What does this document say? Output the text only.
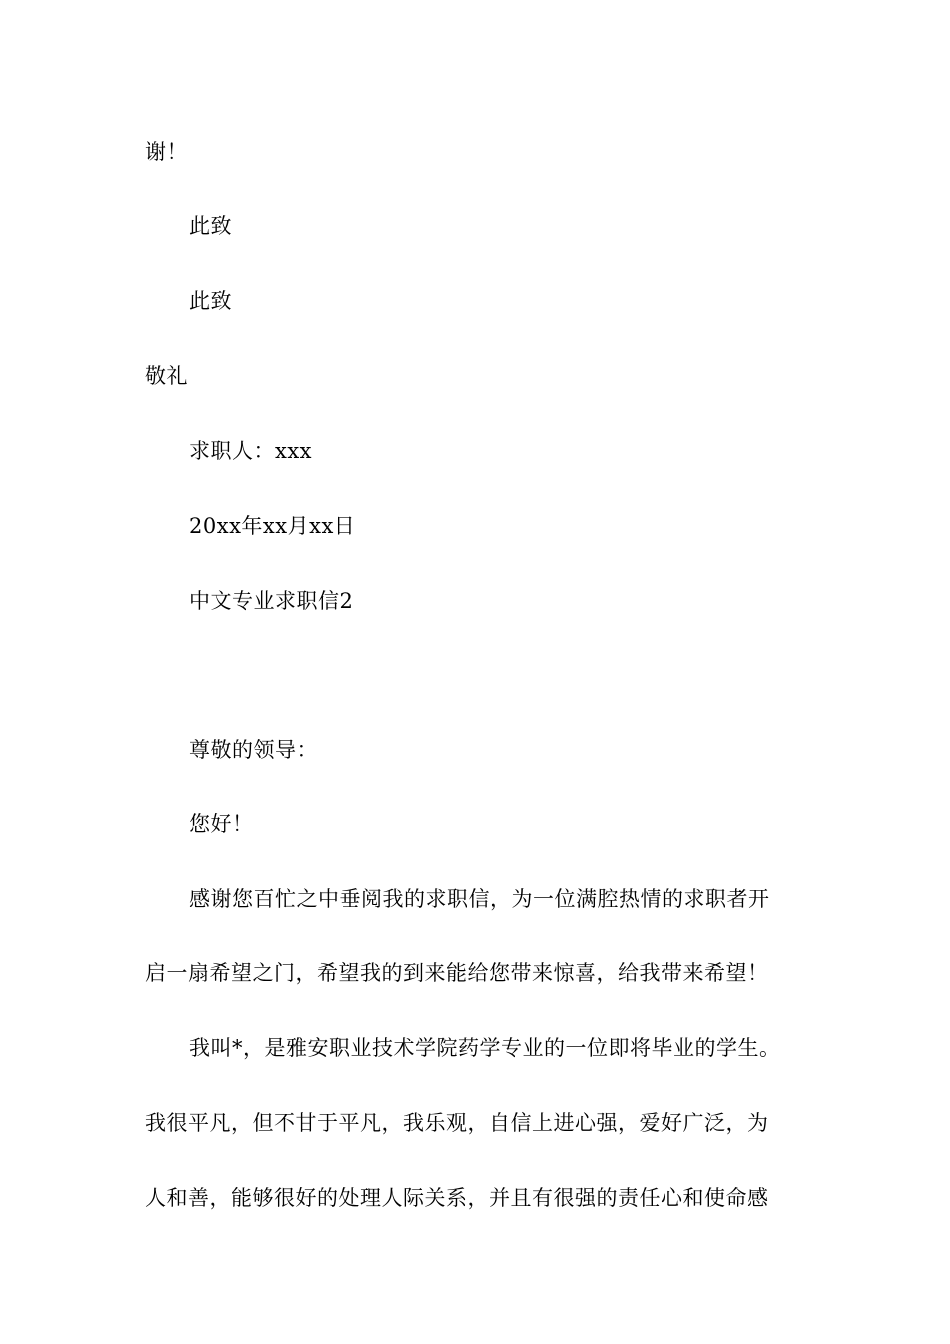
谢！
此致
此致
敬礼
求职人：xxx
20xx年xx月xx日
中文专业求职信2
尊敬的领导：
您好！
感谢您百忙之中垂阅我的求职信，为一位满腔热情的求职者开
启一扇希望之门，希望我的到来能给您带来惊喜，给我带来希望！
我叫*，是雅安职业技术学院药学专业的一位即将毕业的学生。
我很平凡，但不甘于平凡，我乐观，自信上进心强，爱好广泛，为
人和善，能够很好的处理人际关系，并且有很强的责任心和使命感
